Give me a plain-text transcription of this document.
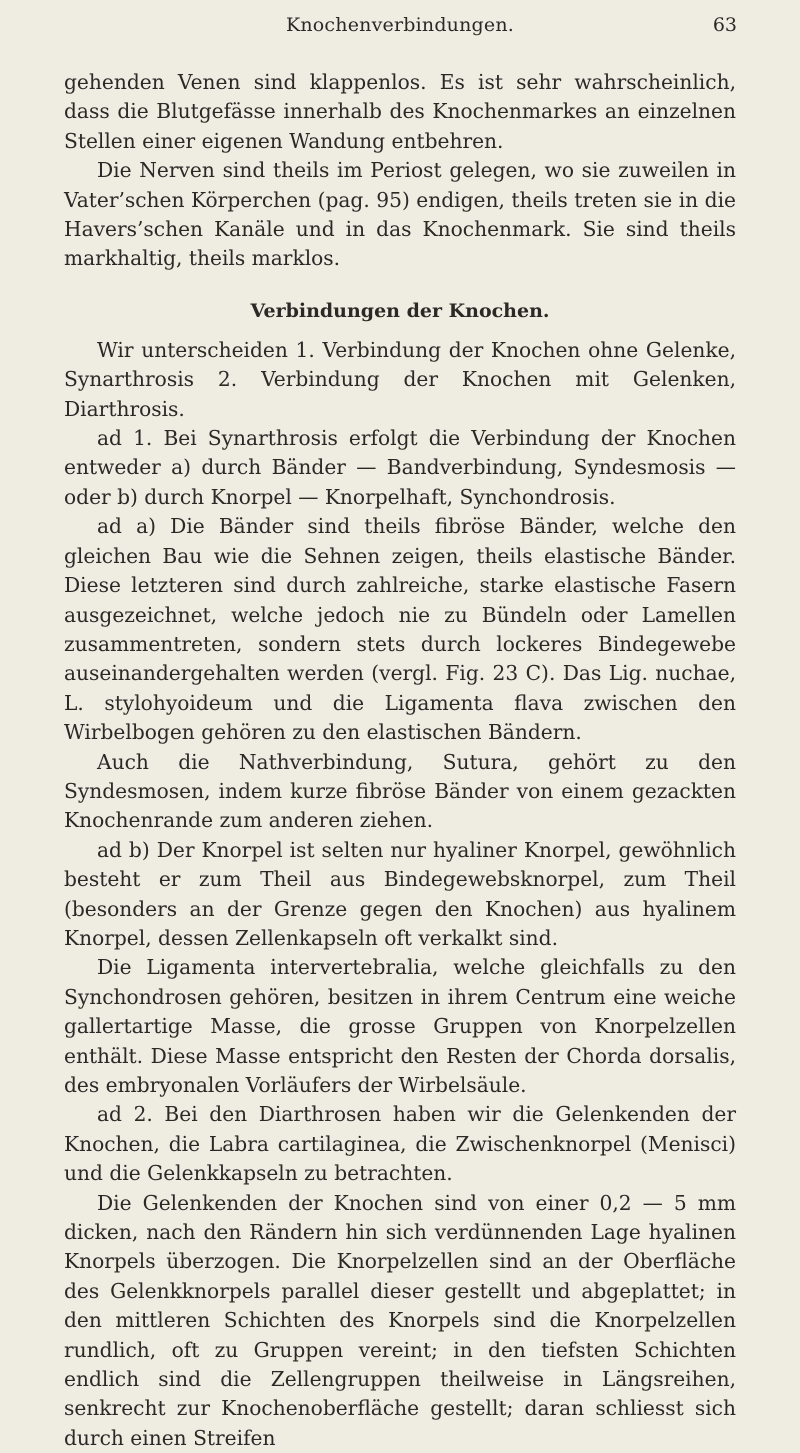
Knochenverbindungen.	63

gehenden Venen sind klappenlos. Es ist sehr wahrscheinlich, dass die Blutgefässe innerhalb des Knochenmarkes an einzelnen Stellen einer eigenen Wandung entbehren.

Die Nerven sind theils im Periost gelegen, wo sie zuweilen in Vater’schen Körperchen (pag. 95) endigen, theils treten sie in die Havers’schen Kanäle und in das Knochenmark. Sie sind theils markhaltig, theils marklos.

Verbindungen der Knochen.

Wir unterscheiden 1. Verbindung der Knochen ohne Gelenke, Synarthrosis 2. Verbindung der Knochen mit Gelenken, Diarthrosis.

ad 1. Bei Synarthrosis erfolgt die Verbindung der Knochen entweder a) durch Bänder — Bandverbindung, Syndesmosis — oder b) durch Knorpel — Knorpelhaft, Synchondrosis.

ad a) Die Bänder sind theils fibröse Bänder, welche den gleichen Bau wie die Sehnen zeigen, theils elastische Bänder. Diese letzteren sind durch zahlreiche, starke elastische Fasern ausgezeichnet, welche jedoch nie zu Bündeln oder Lamellen zusammentreten, sondern stets durch lockeres Bindegewebe auseinandergehalten werden (vergl. Fig. 23 C). Das Lig. nuchae, L. stylohyoideum und die Ligamenta flava zwischen den Wirbelbogen gehören zu den elastischen Bändern.

Auch die Nathverbindung, Sutura, gehört zu den Syndesmosen, indem kurze fibröse Bänder von einem gezackten Knochenrande zum anderen ziehen.

ad b) Der Knorpel ist selten nur hyaliner Knorpel, gewöhnlich besteht er zum Theil aus Bindegewebsknorpel, zum Theil (besonders an der Grenze gegen den Knochen) aus hyalinem Knorpel, dessen Zellenkapseln oft verkalkt sind.

Die Ligamenta intervertebralia, welche gleichfalls zu den Synchondrosen gehören, besitzen in ihrem Centrum eine weiche gallertartige Masse, die grosse Gruppen von Knorpelzellen enthält. Diese Masse entspricht den Resten der Chorda dorsalis, des embryonalen Vorläufers der Wirbelsäule.

ad 2. Bei den Diarthrosen haben wir die Gelenkenden der Knochen, die Labra cartilaginea, die Zwischenknorpel (Menisci) und die Gelenkkapseln zu betrachten.

Die Gelenkenden der Knochen sind von einer 0,2 — 5 mm dicken, nach den Rändern hin sich verdünnenden Lage hyalinen Knorpels überzogen. Die Knorpelzellen sind an der Oberfläche des Gelenkknorpels parallel dieser gestellt und abgeplattet; in den mittleren Schichten des Knorpels sind die Knorpelzellen rundlich, oft zu Gruppen vereint; in den tiefsten Schichten endlich sind die Zellengruppen theilweise in Längsreihen, senkrecht zur Knochenoberfläche gestellt; daran schliesst sich durch einen Streifen
